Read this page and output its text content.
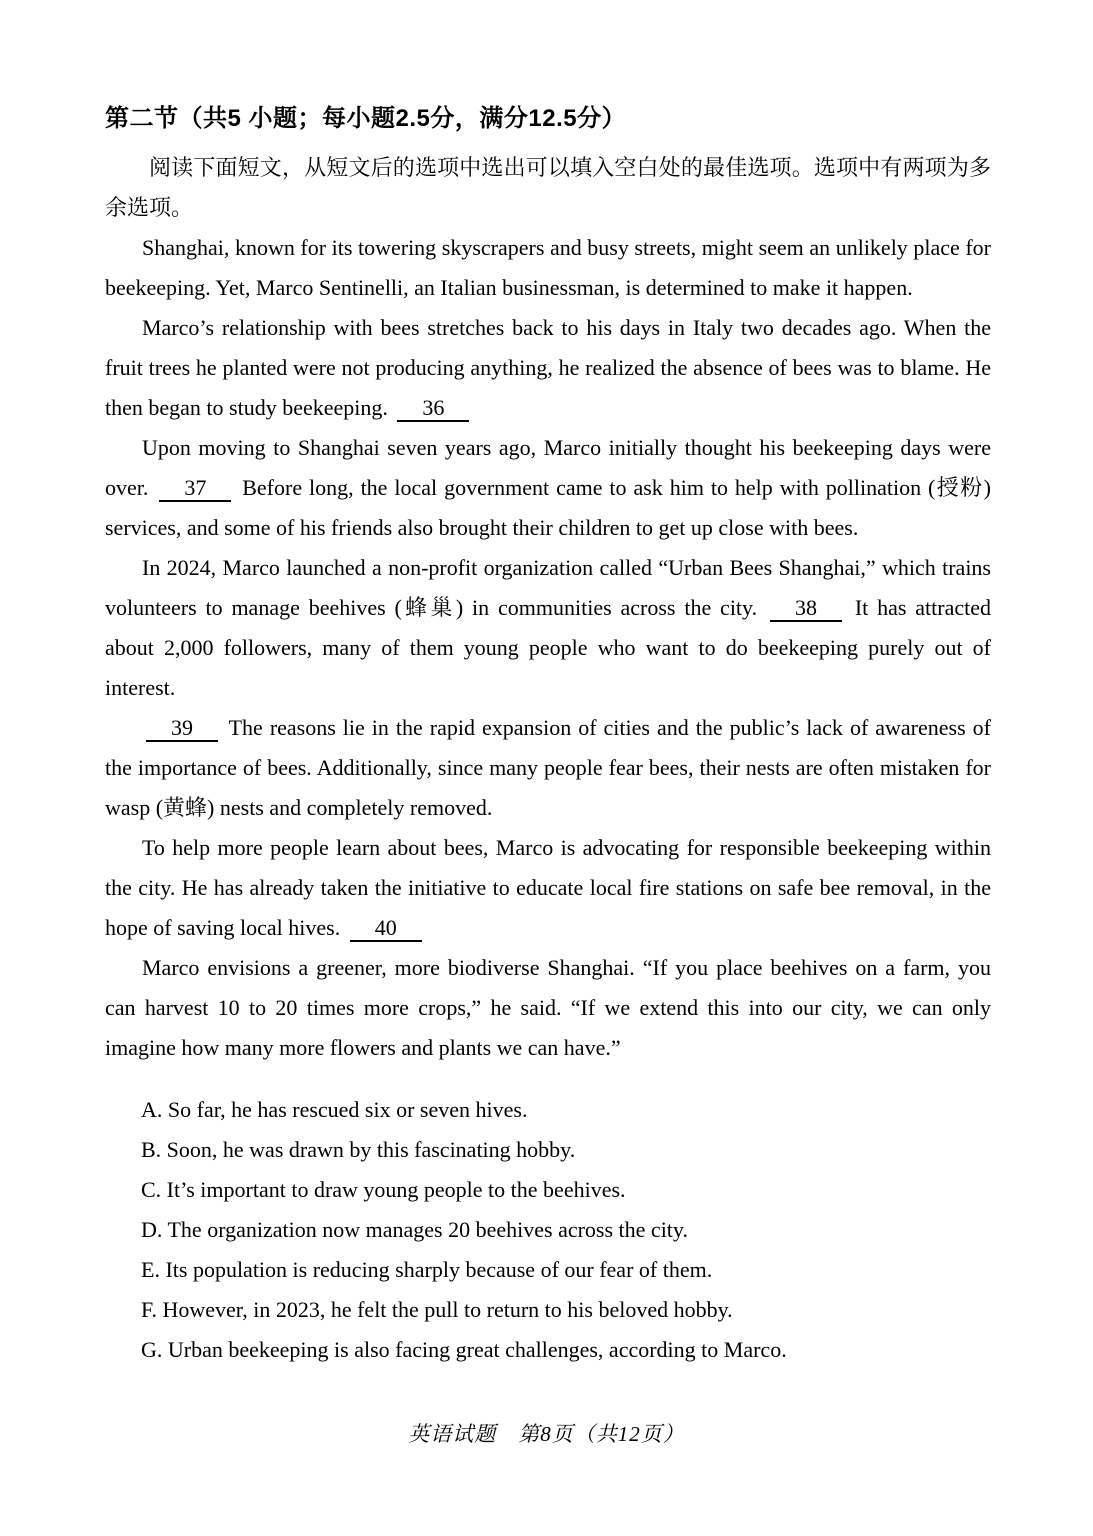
第二节（共5 小题；每小题2.5分，满分12.5分）

阅读下面短文，从短文后的选项中选出可以填入空白处的最佳选项。选项中有两项为多余选项。

Shanghai, known for its towering skyscrapers and busy streets, might seem an unlikely place for beekeeping. Yet, Marco Sentinelli, an Italian businessman, is determined to make it happen.

Marco’s relationship with bees stretches back to his days in Italy two decades ago. When the fruit trees he planted were not producing anything, he realized the absence of bees was to blame. He then began to study beekeeping. 36

Upon moving to Shanghai seven years ago, Marco initially thought his beekeeping days were over. 37 Before long, the local government came to ask him to help with pollination (授粉) services, and some of his friends also brought their children to get up close with bees.

In 2024, Marco launched a non-profit organization called “Urban Bees Shanghai,” which trains volunteers to manage beehives (蜂巢) in communities across the city. 38 It has attracted about 2,000 followers, many of them young people who want to do beekeeping purely out of interest.

39 The reasons lie in the rapid expansion of cities and the public’s lack of awareness of the importance of bees. Additionally, since many people fear bees, their nests are often mistaken for wasp (黄蜂) nests and completely removed.

To help more people learn about bees, Marco is advocating for responsible beekeeping within the city. He has already taken the initiative to educate local fire stations on safe bee removal, in the hope of saving local hives. 40

Marco envisions a greener, more biodiverse Shanghai. “If you place beehives on a farm, you can harvest 10 to 20 times more crops,” he said. “If we extend this into our city, we can only imagine how many more flowers and plants we can have.”

A. So far, he has rescued six or seven hives.
B. Soon, he was drawn by this fascinating hobby.
C. It’s important to draw young people to the beehives.
D. The organization now manages 20 beehives across the city.
E. Its population is reducing sharply because of our fear of them.
F. However, in 2023, he felt the pull to return to his beloved hobby.
G. Urban beekeeping is also facing great challenges, according to Marco.
英语试题　第8页（共12页）
